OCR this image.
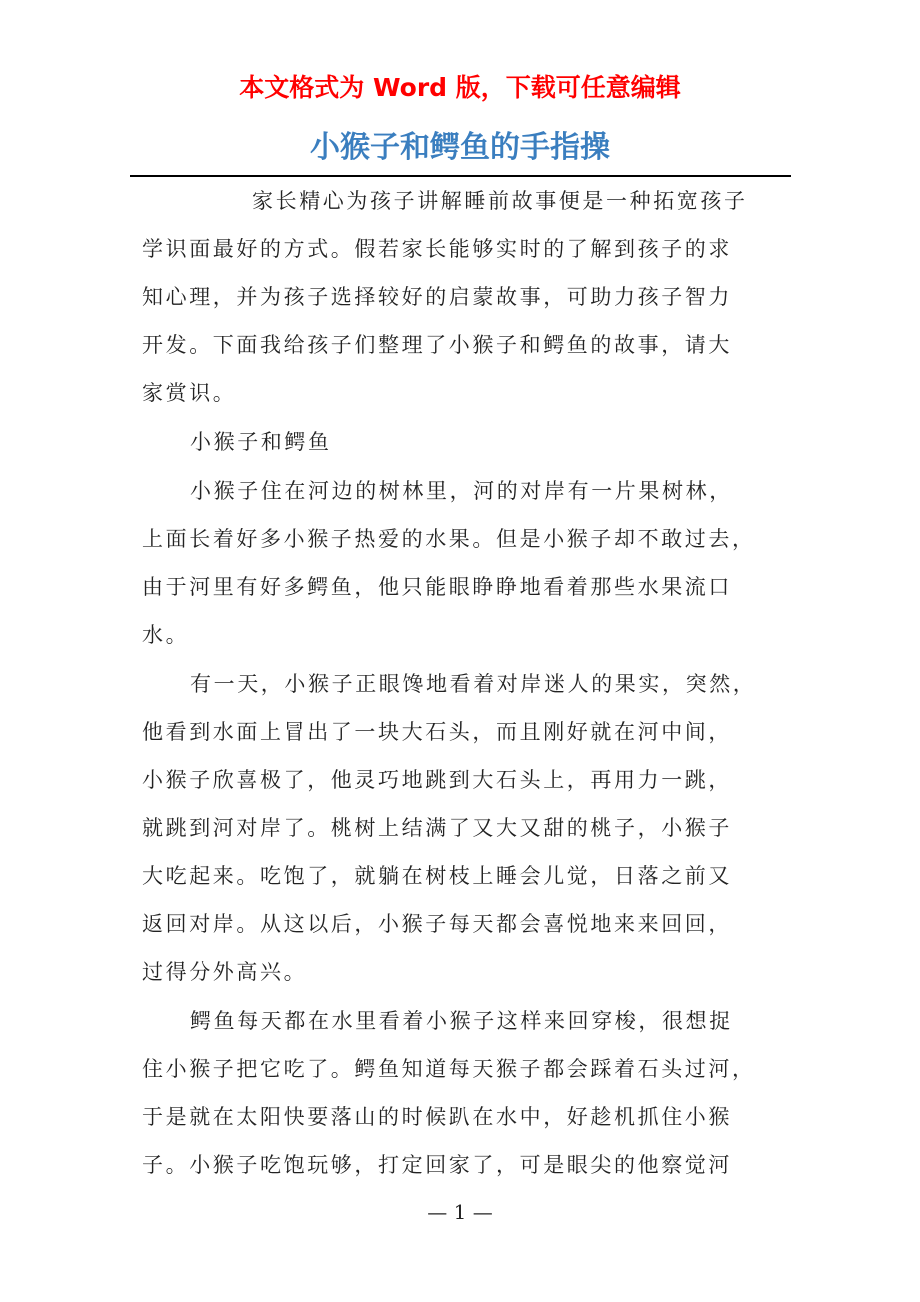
本文格式为 Word 版，下载可任意编辑
小猴子和鳄鱼的手指操
家长精心为孩子讲解睡前故事便是一种拓宽孩子
学识面最好的方式。假若家长能够实时的了解到孩子的求
知心理，并为孩子选择较好的启蒙故事，可助力孩子智力
开发。下面我给孩子们整理了小猴子和鳄鱼的故事，请大
家赏识。
小猴子和鳄鱼
小猴子住在河边的树林里，河的对岸有一片果树林，
上面长着好多小猴子热爱的水果。但是小猴子却不敢过去，
由于河里有好多鳄鱼，他只能眼睁睁地看着那些水果流口
水。
有一天，小猴子正眼馋地看着对岸迷人的果实，突然，
他看到水面上冒出了一块大石头，而且刚好就在河中间，
小猴子欣喜极了，他灵巧地跳到大石头上，再用力一跳，
就跳到河对岸了。桃树上结满了又大又甜的桃子，小猴子
大吃起来。吃饱了，就躺在树枝上睡会儿觉，日落之前又
返回对岸。从这以后，小猴子每天都会喜悦地来来回回，
过得分外高兴。
鳄鱼每天都在水里看着小猴子这样来回穿梭，很想捉
住小猴子把它吃了。鳄鱼知道每天猴子都会踩着石头过河，
于是就在太阳快要落山的时候趴在水中，好趁机抓住小猴
子。小猴子吃饱玩够，打定回家了，可是眼尖的他察觉河
— 1 —
